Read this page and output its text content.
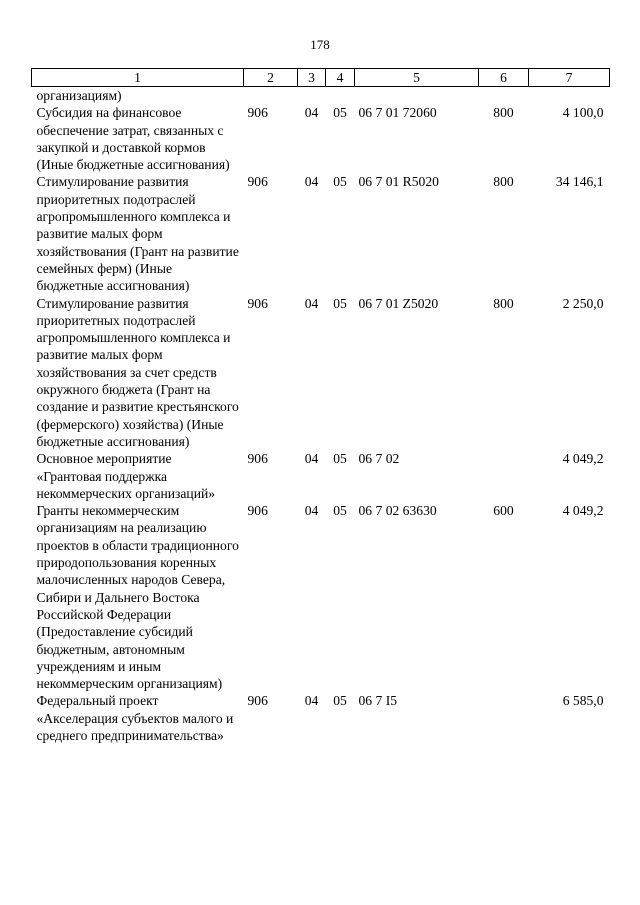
178
1	2	3	4	5	6	7
организациям)						
Субсидия на финансовое обеспечение затрат, связанных с закупкой и доставкой кормов (Иные бюджетные ассигнования)	906	04	05	06 7 01 72060	800	4 100,0
Стимулирование развития приоритетных подотраслей агропромышленного комплекса и развитие малых форм хозяйствования (Грант на развитие семейных ферм) (Иные бюджетные ассигнования)	906	04	05	06 7 01 R5020	800	34 146,1
Стимулирование развития приоритетных подотраслей агропромышленного комплекса и развитие малых форм хозяйствования за счет средств окружного бюджета (Грант на создание и развитие крестьянского (фермерского) хозяйства) (Иные бюджетные ассигнования)	906	04	05	06 7 01 Z5020	800	2 250,0
Основное мероприятие «Грантовая поддержка некоммерческих организаций»	906	04	05	06 7 02		4 049,2
Гранты некоммерческим организациям на реализацию проектов в области традиционного природопользования коренных малочисленных народов Севера, Сибири и Дальнего Востока Российской Федерации (Предоставление субсидий бюджетным, автономным учреждениям и иным некоммерческим организациям)	906	04	05	06 7 02 63630	600	4 049,2
Федеральный проект «Акселерация субъектов малого и среднего предпринимательства»	906	04	05	06 7 I5		6 585,0
